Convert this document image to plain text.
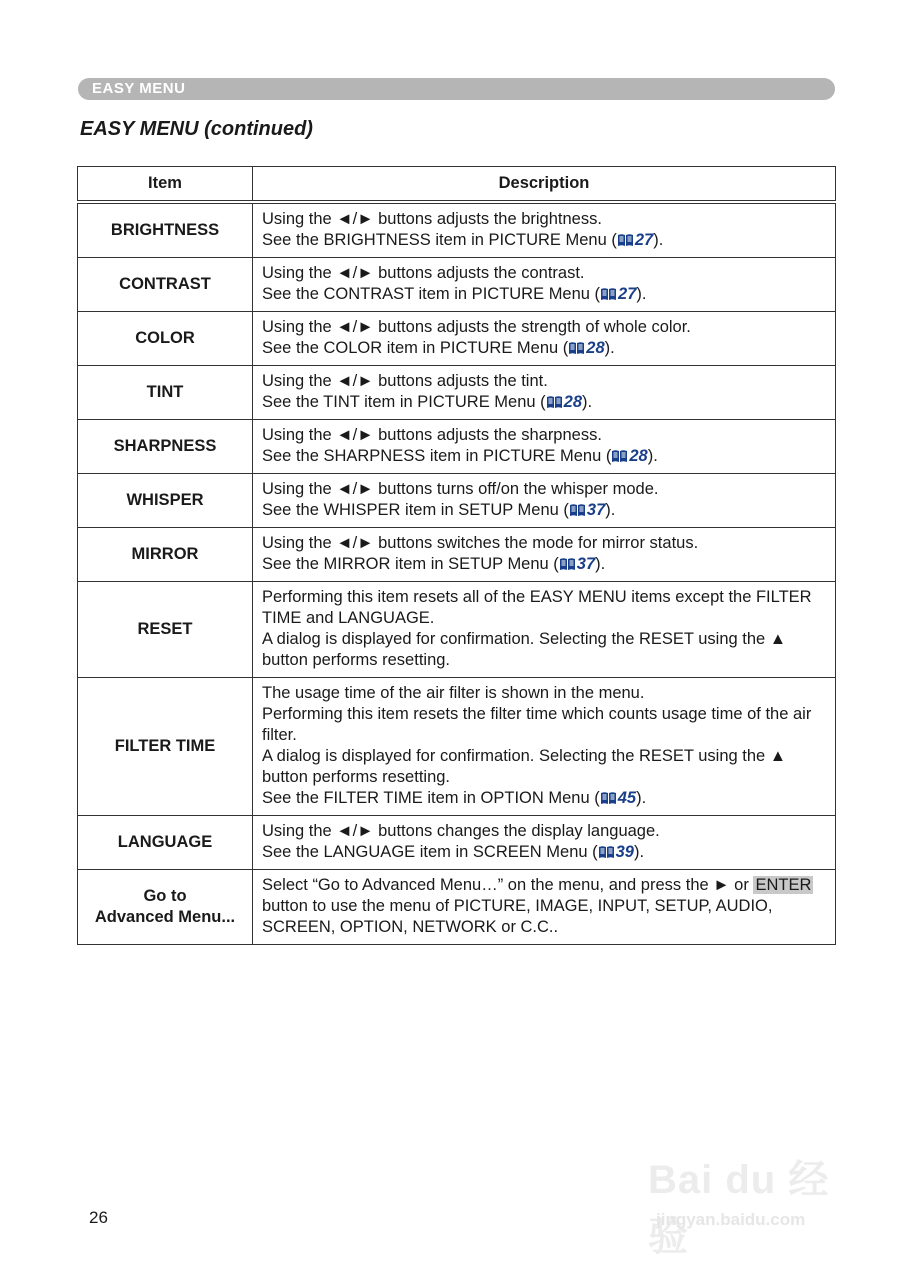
EASY MENU
EASY MENU (continued)
Item	Description
BRIGHTNESS	Using the ◄/► buttons adjusts the brightness.
See the BRIGHTNESS item in PICTURE Menu ( 27).

CONTRAST	Using the ◄/► buttons adjusts the contrast.
See the CONTRAST item in PICTURE Menu ( 27).

COLOR	Using the ◄/► buttons adjusts the strength of whole color.
See the COLOR item in PICTURE Menu ( 28).

TINT	Using the ◄/► buttons adjusts the tint.
See the TINT item in PICTURE Menu ( 28).

SHARPNESS	Using the ◄/► buttons adjusts the sharpness.
See the SHARPNESS item in PICTURE Menu ( 28).

WHISPER	Using the ◄/► buttons turns off/on the whisper mode.
See the WHISPER item in SETUP Menu ( 37).

MIRROR	Using the ◄/► buttons switches the mode for mirror status.
See the MIRROR item in SETUP Menu ( 37).

RESET	Performing this item resets all of the EASY MENU items except the FILTER TIME and LANGUAGE.
A dialog is displayed for confirmation. Selecting the RESET using the ▲ button performs resetting.

FILTER TIME	The usage time of the air filter is shown in the menu.
Performing this item resets the filter time which counts usage time of the air filter.
A dialog is displayed for confirmation. Selecting the RESET using the ▲ button performs resetting.
See the FILTER TIME item in OPTION Menu ( 45).

LANGUAGE	Using the ◄/► buttons changes the display language.
See the LANGUAGE item in SCREEN Menu ( 39).

Go to
Advanced Menu...	Select “Go to Advanced Menu…” on the menu, and press the ► or ENTER button to use the menu of PICTURE, IMAGE, INPUT, SETUP, AUDIO, SCREEN, OPTION, NETWORK or C.C..
26
Bai du 经验
jingyan.baidu.com
